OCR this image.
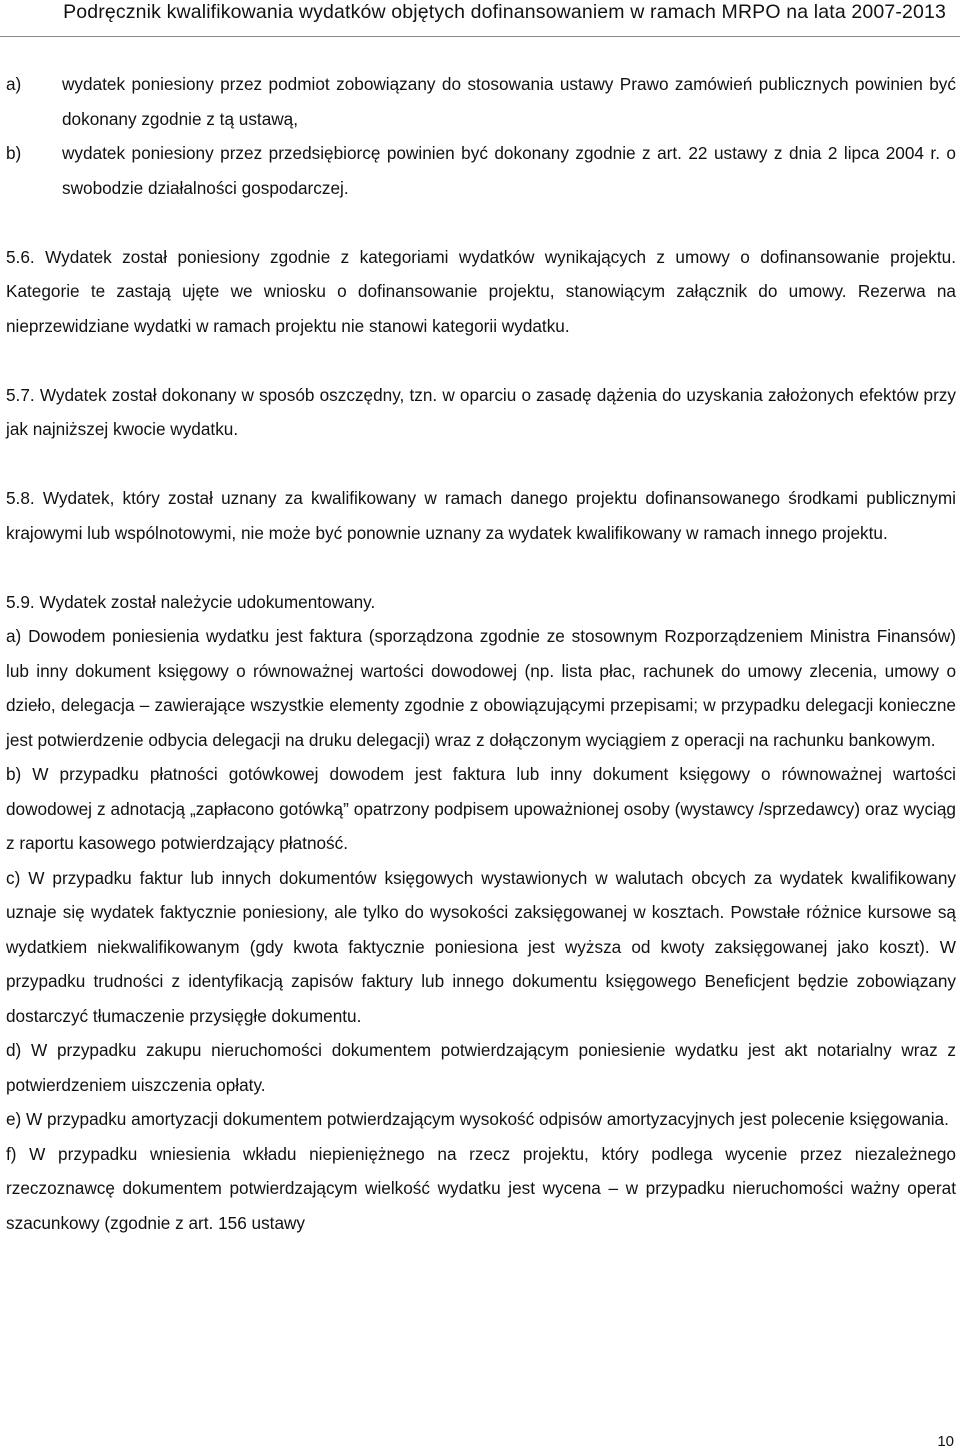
Podręcznik kwalifikowania wydatków objętych dofinansowaniem w ramach MRPO na lata 2007-2013
a)	wydatek poniesiony przez podmiot zobowiązany do stosowania ustawy Prawo zamówień publicznych powinien być dokonany zgodnie z tą ustawą,
b)	wydatek poniesiony przez przedsiębiorcę powinien być dokonany zgodnie z art. 22 ustawy z dnia 2 lipca 2004 r. o swobodzie działalności gospodarczej.

5.6. Wydatek został poniesiony zgodnie z kategoriami wydatków wynikających z umowy o dofinansowanie projektu. Kategorie te zastają ujęte we wniosku o dofinansowanie projektu, stanowiącym załącznik do umowy. Rezerwa na nieprzewidziane wydatki w ramach projektu nie stanowi kategorii wydatku.

5.7. Wydatek został dokonany w sposób oszczędny, tzn. w oparciu o zasadę dążenia do uzyskania założonych efektów przy jak najniższej kwocie wydatku.

5.8. Wydatek, który został uznany za kwalifikowany w ramach danego projektu dofinansowanego środkami publicznymi krajowymi lub wspólnotowymi, nie może być ponownie uznany za wydatek kwalifikowany w ramach innego projektu.

5.9. Wydatek został należycie udokumentowany.

a) Dowodem poniesienia wydatku jest faktura (sporządzona zgodnie ze stosownym Rozporządzeniem Ministra Finansów) lub inny dokument księgowy o równoważnej wartości dowodowej (np. lista płac, rachunek do umowy zlecenia, umowy o dzieło, delegacja – zawierające wszystkie elementy zgodnie z obowiązującymi przepisami; w przypadku delegacji konieczne jest potwierdzenie odbycia delegacji na druku delegacji) wraz z dołączonym wyciągiem z operacji na rachunku bankowym.

b) W przypadku płatności gotówkowej dowodem jest faktura lub inny dokument księgowy o równoważnej wartości dowodowej z adnotacją „zapłacono gotówką” opatrzony podpisem upoważnionej osoby (wystawcy /sprzedawcy) oraz wyciąg z raportu kasowego potwierdzający płatność.

c) W przypadku faktur lub innych dokumentów księgowych wystawionych w walutach obcych za wydatek kwalifikowany uznaje się wydatek faktycznie poniesiony, ale tylko do wysokości zaksięgowanej w kosztach. Powstałe różnice kursowe są wydatkiem niekwalifikowanym (gdy kwota faktycznie poniesiona jest wyższa od kwoty zaksięgowanej jako koszt). W przypadku trudności z identyfikacją zapisów faktury lub innego dokumentu księgowego Beneficjent będzie zobowiązany dostarczyć tłumaczenie przysięgłe dokumentu.

d) W przypadku zakupu nieruchomości dokumentem potwierdzającym poniesienie wydatku jest akt notarialny wraz z potwierdzeniem uiszczenia opłaty.

e) W przypadku amortyzacji dokumentem potwierdzającym wysokość odpisów amortyzacyjnych jest polecenie księgowania.

f) W przypadku wniesienia wkładu niepieniężnego na rzecz projektu, który podlega wycenie przez niezależnego rzeczoznawcę dokumentem potwierdzającym wielkość wydatku jest wycena – w przypadku nieruchomości ważny operat szacunkowy (zgodnie z art. 156 ustawy

10
